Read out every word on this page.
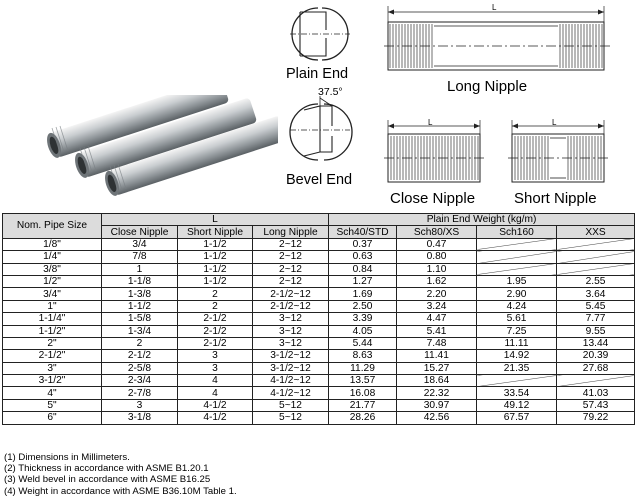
Plain End
37.5°
Bevel End
L
Long Nipple
L
Close Nipple
L
Short Nipple
Nom. Pipe Size	L			Plain End Weight (kg/m)			
	Close Nipple	Short Nipple	Long Nipple	Sch40/STD	Sch80/XS	Sch160	XXS
1/8"	3/4	1-1/2	2~12	0.37	0.47		
1/4"	7/8	1-1/2	2~12	0.63	0.80		
3/8"	1	1-1/2	2~12	0.84	1.10		
1/2"	1-1/8	1-1/2	2~12	1.27	1.62	1.95	2.55
3/4"	1-3/8	2	2-1/2~12	1.69	2.20	2.90	3.64
1"	1-1/2	2	2-1/2~12	2.50	3.24	4.24	5.45
1-1/4"	1-5/8	2-1/2	3~12	3.39	4.47	5.61	7.77
1-1/2"	1-3/4	2-1/2	3~12	4.05	5.41	7.25	9.55
2"	2	2-1/2	3~12	5.44	7.48	11.11	13.44
2-1/2"	2-1/2	3	3-1/2~12	8.63	11.41	14.92	20.39
3"	2-5/8	3	3-1/2~12	11.29	15.27	21.35	27.68
3-1/2"	2-3/4	4	4-1/2~12	13.57	18.64		
4"	2-7/8	4	4-1/2~12	16.08	22.32	33.54	41.03
5"	3	4-1/2	5~12	21.77	30.97	49.12	57.43
6"	3-1/8	4-1/2	5~12	28.26	42.56	67.57	79.22
(1) Dimensions in Millimeters.
(2) Thickness in accordance with ASME B1.20.1
(3) Weld bevel in accordance with ASME B16.25
(4) Weight in accordance with ASME B36.10M Table 1.
